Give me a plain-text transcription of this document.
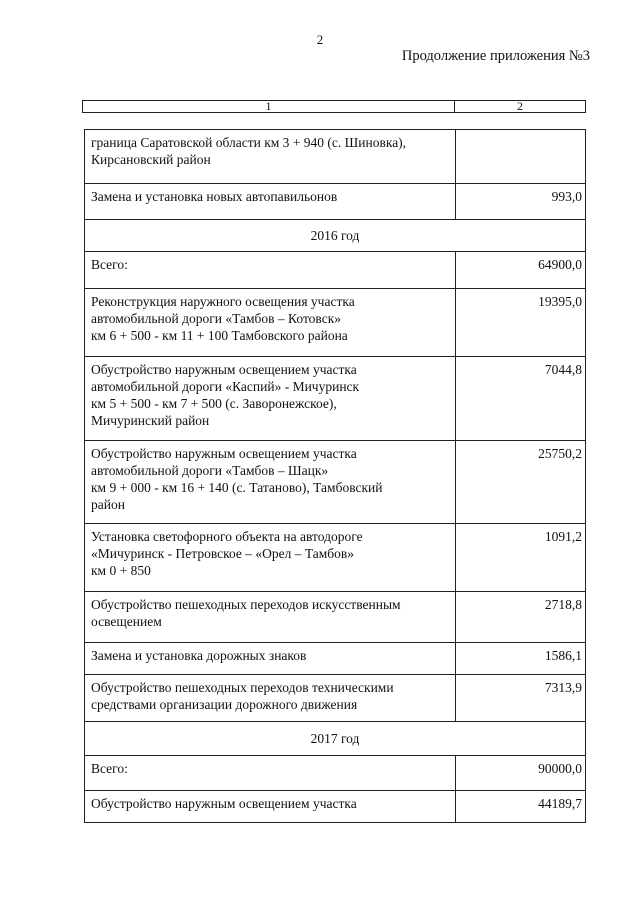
2
Продолжение приложения №3
1	2
граница Саратовской области км 3 + 940 (с. Шиновка),
Кирсановский район	

Замена и установка новых автопавильонов	993,0
2016 год	

Всего:	64900,0

Реконструкция наружного освещения участка
автомобильной дороги «Тамбов – Котовск»
км 6 + 500 - км 11 + 100 Тамбовского района	19395,0

Обустройство наружным освещением участка
автомобильной дороги «Каспий» - Мичуринск
км 5 + 500 - км 7 + 500 (с. Заворонежское),
Мичуринский район	7044,8

Обустройство наружным освещением участка
автомобильной дороги «Тамбов – Шацк»
км 9 + 000 - км 16 + 140 (с. Татаново), Тамбовский
район	25750,2

Установка светофорного объекта на автодороге
«Мичуринск - Петровское – «Орел – Тамбов»
км 0 + 850	1091,2

Обустройство пешеходных переходов искусственным
освещением	2718,8

Замена и установка дорожных знаков	1586,1

Обустройство пешеходных переходов техническими
средствами организации дорожного движения	7313,9
2017 год	

Всего:	90000,0

Обустройство наружным освещением участка	44189,7
